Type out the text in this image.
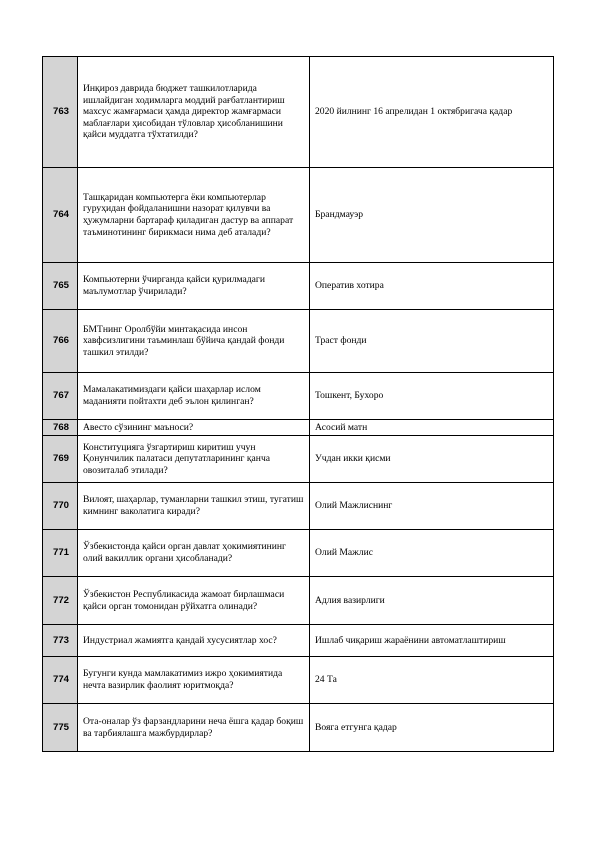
763	Инқироз даврида бюджет ташкилотларида ишлайдиган ходимларга моддий рағбатлантириш махсус жамғармаси ҳамда директор жамғармаси маблағлари ҳисобидан тўловлар ҳисобланишини қайси муддатга тўхтатилди?	2020 йилнинг 16 апрелидан 1 октябригача қадар
764	Ташқаридан компьютерга ёки компьютерлар гуруҳидан фойдаланишни назорат қилувчи ва ҳужумларни бартараф қиладиган дастур ва аппарат таъминотининг бирикмаси нима деб аталади?	Брандмауэр
765	Компьютерни ўчирганда қайси қурилмадаги маълумотлар ўчирилади?	Оператив хотира
766	БМТнинг Оролбўйи минтақасида инсон хавфсизлигини таъминлаш бўйича қандай фонди ташкил этилди?	Траст фонди
767	Мамалакатимиздаги қайси шаҳарлар ислом маданияти пойтахти деб эълон қилинган?	Тошкент, Бухоро
768	Авесто сўзининг маъноси?	Асосий матн
769	Конституцияга ўзгартириш киритиш учун Қонунчилик палатаси депутатларининг қанча овозиталаб этилади?	Учдан икки қисми
770	Вилоят, шаҳарлар, туманларни ташкил этиш, тугатиш кимнинг ваколатига киради?	Олий Мажлиснинг
771	Ўзбекистонда қайси орган давлат ҳокимиятининг олий вакиллик органи ҳисобланади?	Олий Мажлис
772	Ўзбекистон Республикасида жамоат бирлашмаси қайси орган томонидан рўйхатга олинади?	Адлия вазирлиги
773	Индустриал жамиятга қандай хусусиятлар хос?	Ишлаб чиқариш жараёнини автоматлаштириш
774	Бугунги кунда мамлакатимиз ижро ҳокимиятида нечта вазирлик фаолият юритмоқда?	24 Та
775	Ота-оналар ўз фарзандларини неча ёшга қадар боқиш ва тарбиялашга мажбурдирлар?	Вояга етгунга қадар
